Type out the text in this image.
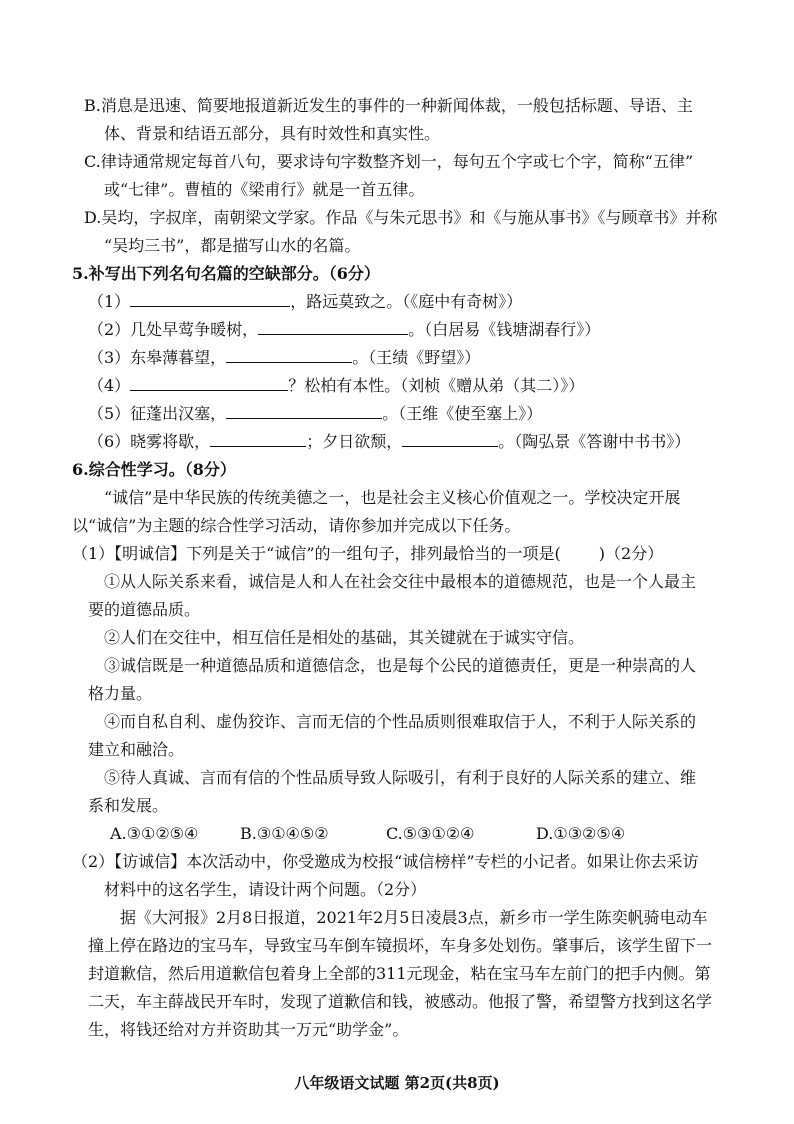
B.消息是迅速、简要地报道新近发生的事件的一种新闻体裁，一般包括标题、导语、主
体、背景和结语五部分，具有时效性和真实性。
C.律诗通常规定每首八句，要求诗句字数整齐划一，每句五个字或七个字，简称“五律”
或“七律”。曹植的《梁甫行》就是一首五律。
D.吴均，字叔庠，南朝梁文学家。作品《与朱元思书》和《与施从事书》《与顾章书》并称
“吴均三书”，都是描写山水的名篇。
5.补写出下列名句名篇的空缺部分。（6分）
（1）	，路远莫致之。（《庭中有奇树》）
（2）几处早莺争暖树，	。（白居易《钱塘湖春行》）
（3）东皋薄暮望，	。（王绩《野望》）
（4）	？松柏有本性。（刘桢《赠从弟（其二）》）
（5）征蓬出汉塞，	。（王维《使至塞上》）
（6）晓雾将歇，	；夕日欲颓，	。（陶弘景《答谢中书书》）
6.综合性学习。（8分）
“诚信”是中华民族的传统美德之一，也是社会主义核心价值观之一。学校决定开展
以“诚信”为主题的综合性学习活动，请你参加并完成以下任务。
（1）【明诚信】下列是关于“诚信”的一组句子，排列最恰当的一项是( )（2分）
①从人际关系来看，诚信是人和人在社会交往中最根本的道德规范，也是一个人最主
要的道德品质。
②人们在交往中，相互信任是相处的基础，其关键就在于诚实守信。
③诚信既是一种道德品质和道德信念，也是每个公民的道德责任，更是一种崇高的人
格力量。
④而自私自利、虚伪狡诈、言而无信的个性品质则很难取信于人，不利于人际关系的
建立和融洽。
⑤待人真诚、言而有信的个性品质导致人际吸引，有利于良好的人际关系的建立、维
系和发展。
A.③①②⑤④	B.③①④⑤②	C.⑤③①②④	D.①③②⑤④
（2）【访诚信】本次活动中，你受邀成为校报“诚信榜样”专栏的小记者。如果让你去采访
材料中的这名学生，请设计两个问题。（2分）
据《大河报》2月8日报道，2021年2月5日凌晨3点，新乡市一学生陈奕帆骑电动车
撞上停在路边的宝马车，导致宝马车倒车镜损坏，车身多处划伤。肇事后，该学生留下一
封道歉信，然后用道歉信包着身上全部的311元现金，粘在宝马车左前门的把手内侧。第
二天，车主薛战民开车时，发现了道歉信和钱，被感动。他报了警，希望警方找到这名学
生，将钱还给对方并资助其一万元“助学金”。
八年级语文试题 第2页(共8页)
